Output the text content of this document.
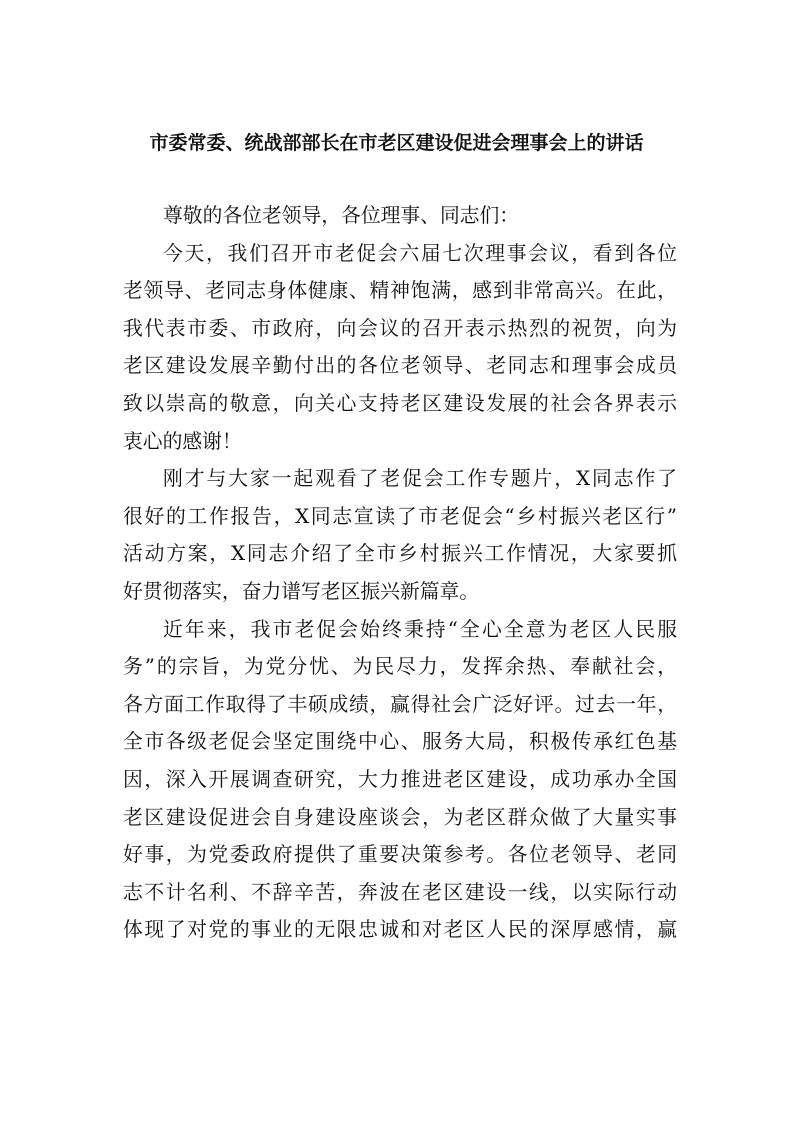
市委常委、统战部部长在市老区建设促进会理事会上的讲话
尊敬的各位老领导，各位理事、同志们：
今天，我们召开市老促会六届七次理事会议，看到各位
老领导、老同志身体健康、精神饱满，感到非常高兴。在此，
我代表市委、市政府，向会议的召开表示热烈的祝贺，向为
老区建设发展辛勤付出的各位老领导、老同志和理事会成员
致以崇高的敬意，向关心支持老区建设发展的社会各界表示
衷心的感谢！
刚才与大家一起观看了老促会工作专题片，X同志作了
很好的工作报告，X同志宣读了市老促会“乡村振兴老区行”
活动方案，X同志介绍了全市乡村振兴工作情况，大家要抓
好贯彻落实，奋力谱写老区振兴新篇章。
近年来，我市老促会始终秉持“全心全意为老区人民服
务”的宗旨，为党分忧、为民尽力，发挥余热、奉献社会，
各方面工作取得了丰硕成绩，赢得社会广泛好评。过去一年，
全市各级老促会坚定围绕中心、服务大局，积极传承红色基
因，深入开展调查研究，大力推进老区建设，成功承办全国
老区建设促进会自身建设座谈会，为老区群众做了大量实事
好事，为党委政府提供了重要决策参考。各位老领导、老同
志不计名利、不辞辛苦，奔波在老区建设一线，以实际行动
体现了对党的事业的无限忠诚和对老区人民的深厚感情，赢
